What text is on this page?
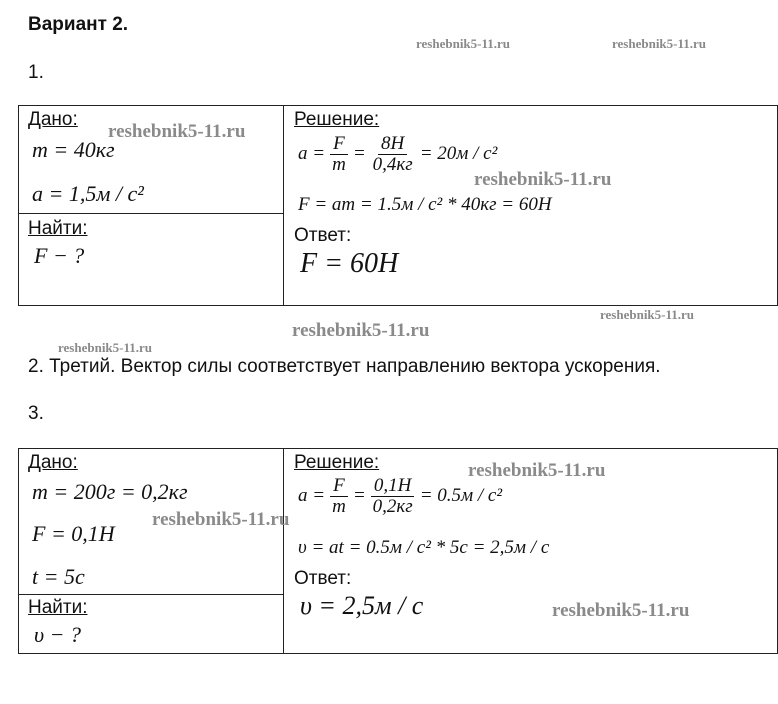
Вариант 2.
reshebnik5-11.ru	reshebnik5-11.ru
1.
Дано:
m = 40кг
a = 1,5м / с²
Найти:
F − ?
Решение:
$a = \frac{F}{m} = \frac{8Н}{0,4кг} = 20м / с^2$
F = am = 1.5м / с² * 40кг = 60Н
Ответ:
F = 60Н
reshebnik5-11.ru
reshebnik5-11.ru
reshebnik5-11.ru
reshebnik5-11.ru
reshebnik5-11.ru
2. Третий. Вектор силы соответствует направлению вектора ускорения.
3.
Дано:
m = 200г = 0,2кг
F = 0,1Н
t = 5с
Найти:
υ − ?
Решение:
$a = \frac{F}{m} = \frac{0,1Н}{0,2кг} = 0.5м / с^2$
υ = at = 0.5м / с² * 5с = 2,5м / с
Ответ:
υ = 2,5м / с
reshebnik5-11.ru
reshebnik5-11.ru
reshebnik5-11.ru
